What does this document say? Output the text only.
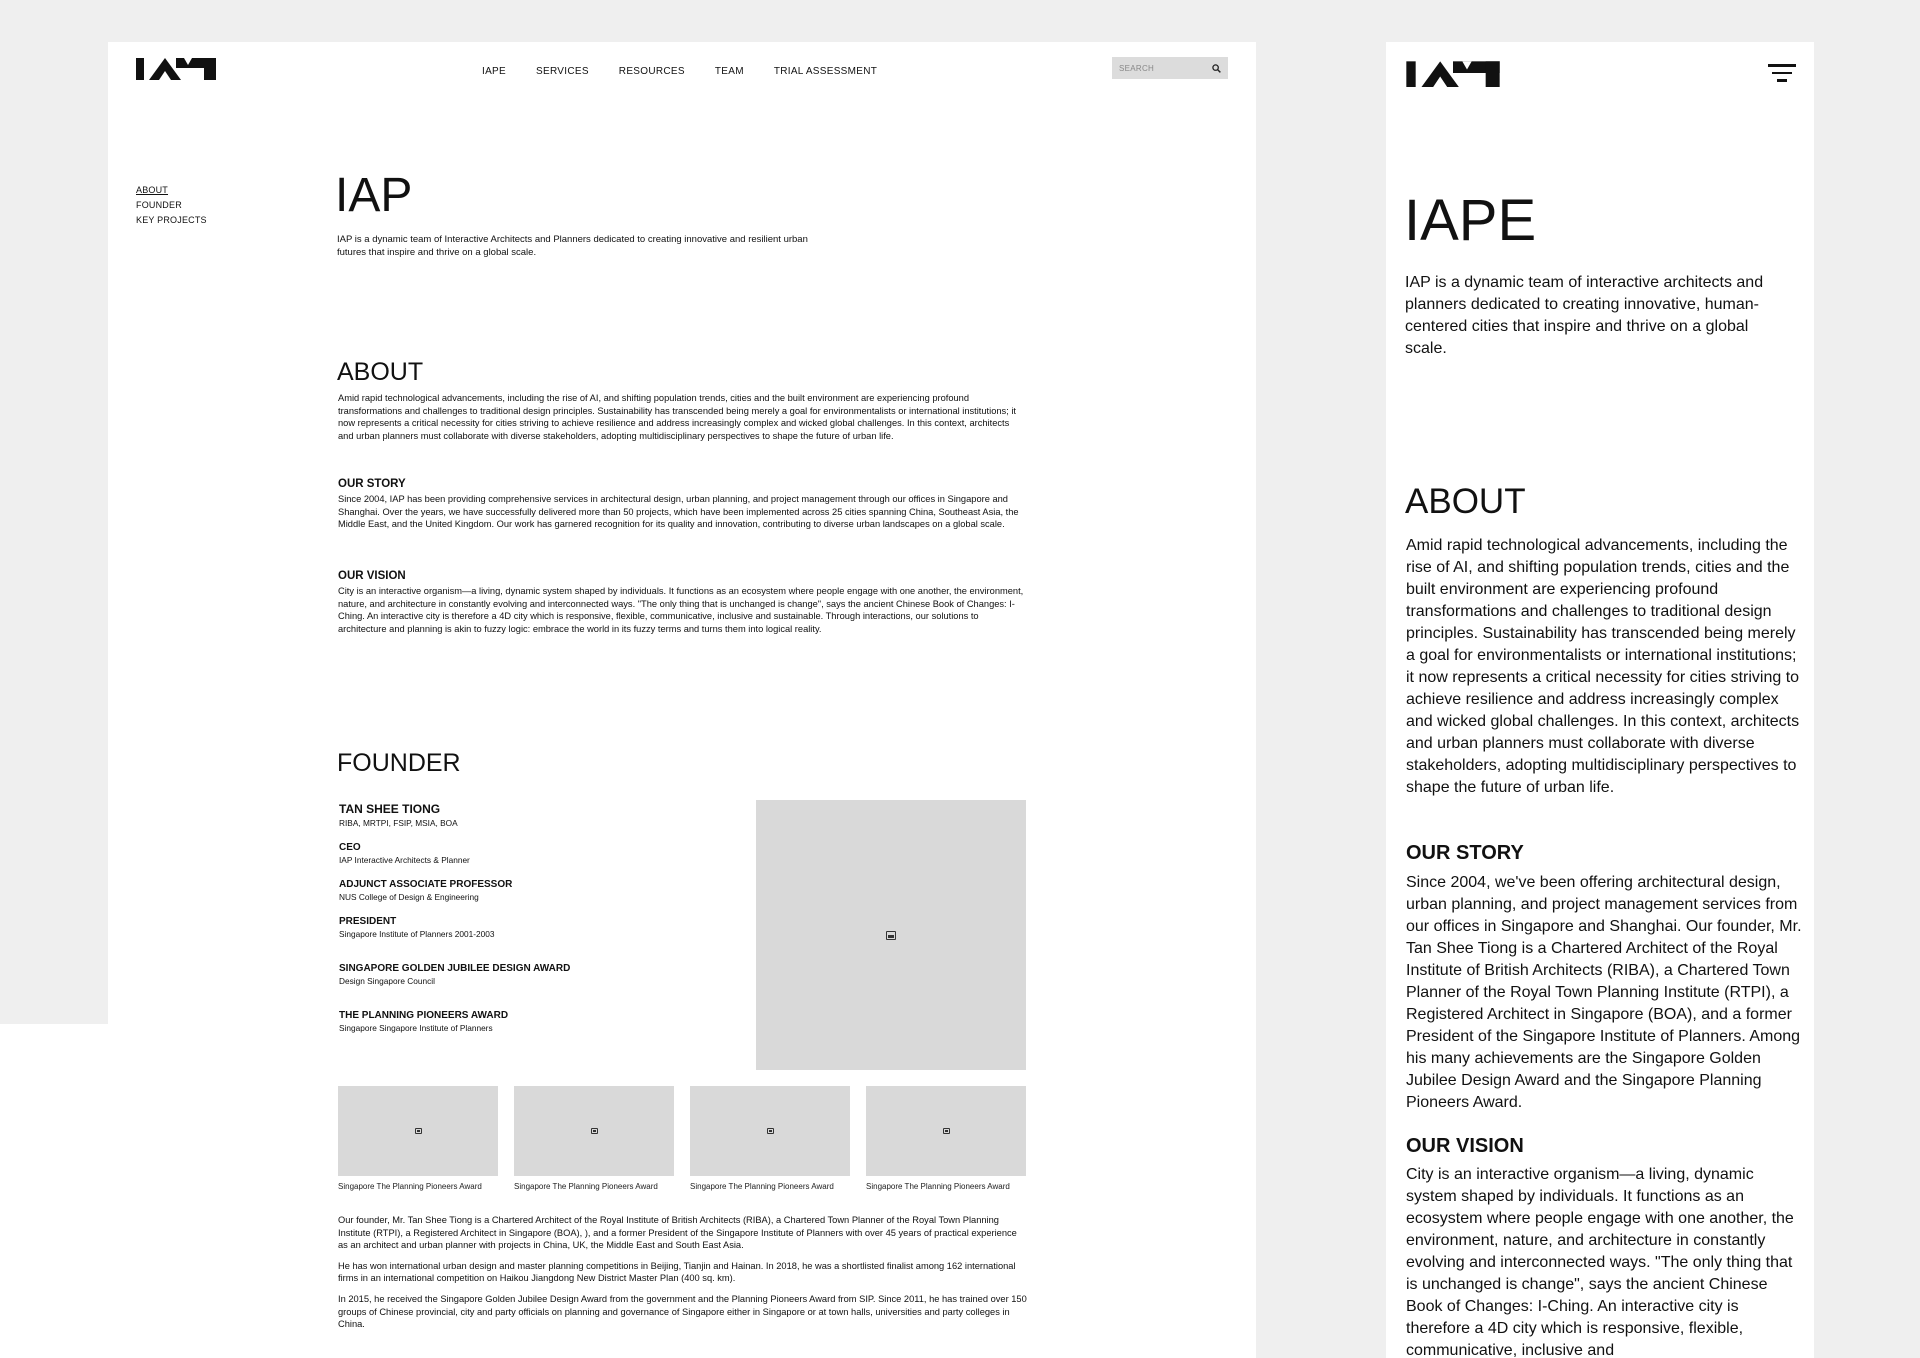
IAPE	SERVICES	RESOURCES	TEAM	TRIAL ASSESSMENT
SEARCH
ABOUT
FOUNDER
KEY PROJECTS	IAP

IAP is a dynamic team of Interactive Architects and Planners dedicated to creating innovative and resilient urban futures that inspire and thrive on a global scale.

ABOUT

Amid rapid technological advancements, including the rise of AI, and shifting population trends, cities and the built environment are experiencing profound transformations and challenges to traditional design principles. Sustainability has transcended being merely a goal for environmentalists or international institutions; it now represents a critical necessity for cities striving to achieve resilience and address increasingly complex and wicked global challenges. In this context, architects and urban planners must collaborate with diverse stakeholders, adopting multidisciplinary perspectives to shape the future of urban life.

OUR STORY

Since 2004, IAP has been providing comprehensive services in architectural design, urban planning, and project management through our offices in Singapore and Shanghai. Over the years, we have successfully delivered more than 50 projects, which have been implemented across 25 cities spanning China, Southeast Asia, the Middle East, and the United Kingdom. Our work has garnered recognition for its quality and innovation, contributing to diverse urban landscapes on a global scale.

OUR VISION

City is an interactive organism—a living, dynamic system shaped by individuals. It functions as an ecosystem where people engage with one another, the environment, nature, and architecture in constantly evolving and interconnected ways. "The only thing that is unchanged is change", says the ancient Chinese Book of Changes: I-Ching. An interactive city is therefore a 4D city which is responsive, flexible, communicative, inclusive and sustainable. Through interactions, our solutions to architecture and planning is akin to fuzzy logic: embrace the world in its fuzzy terms and turns them into logical reality.

FOUNDER
TAN SHEE TIONG
RIBA, MRTPI, FSIP, MSIA, BOA
CEO
IAP Interactive Architects & Planner
ADJUNCT ASSOCIATE PROFESSOR
NUS College of Design & Engineering
PRESIDENT
Singapore Institute of Planners 2001-2003
SINGAPORE GOLDEN JUBILEE DESIGN AWARD
Design Singapore Council
THE PLANNING PIONEERS AWARD
Singapore Singapore Institute of Planners
Singapore The Planning Pioneers Award	Singapore The Planning Pioneers Award	Singapore The Planning Pioneers Award	Singapore The Planning Pioneers Award

Our founder, Mr. Tan Shee Tiong is a Chartered Architect of the Royal Institute of British Architects (RIBA), a Chartered Town Planner of the Royal Town Planning Institute (RTPI), a Registered Architect in Singapore (BOA), ), and a former President of the Singapore Institute of Planners with over 45 years of practical experience as an architect and urban planner with projects in China, UK, the Middle East and South East Asia.

He has won international urban design and master planning competitions in Beijing, Tianjin and Hainan. In 2018, he was a shortlisted finalist among 162 international firms in an international competition on Haikou Jiangdong New District Master Plan (400 sq. km).

In 2015, he received the Singapore Golden Jubilee Design Award from the government and the Planning Pioneers Award from SIP. Since 2011, he has trained over 150 groups of Chinese provincial, city and party officials on planning and governance of Singapore either in Singapore or at town halls, universities and party colleges in China.

IAPE

IAP is a dynamic team of interactive architects and planners dedicated to creating innovative, human-centered cities that inspire and thrive on a global scale.

ABOUT

Amid rapid technological advancements, including the rise of AI, and shifting population trends, cities and the built environment are experiencing profound transformations and challenges to traditional design principles. Sustainability has transcended being merely a goal for environmentalists or international institutions; it now represents a critical necessity for cities striving to achieve resilience and address increasingly complex and wicked global challenges. In this context, architects and urban planners must collaborate with diverse stakeholders, adopting multidisciplinary perspectives to shape the future of urban life.

OUR STORY

Since 2004, we've been offering architectural design, urban planning, and project management services from our offices in Singapore and Shanghai. Our founder, Mr. Tan Shee Tiong is a Chartered Architect of the Royal Institute of British Architects (RIBA), a Chartered Town Planner of the Royal Town Planning Institute (RTPI), a Registered Architect in Singapore (BOA), and a former President of the Singapore Institute of Planners. Among his many achievements are the Singapore Golden Jubilee Design Award and the Singapore Planning Pioneers Award.

OUR VISION

City is an interactive organism—a living, dynamic system shaped by individuals. It functions as an ecosystem where people engage with one another, the environment, nature, and architecture in constantly evolving and interconnected ways. "The only thing that is unchanged is change", says the ancient Chinese Book of Changes: I-Ching. An interactive city is therefore a 4D city which is responsive, flexible, communicative, inclusive and
